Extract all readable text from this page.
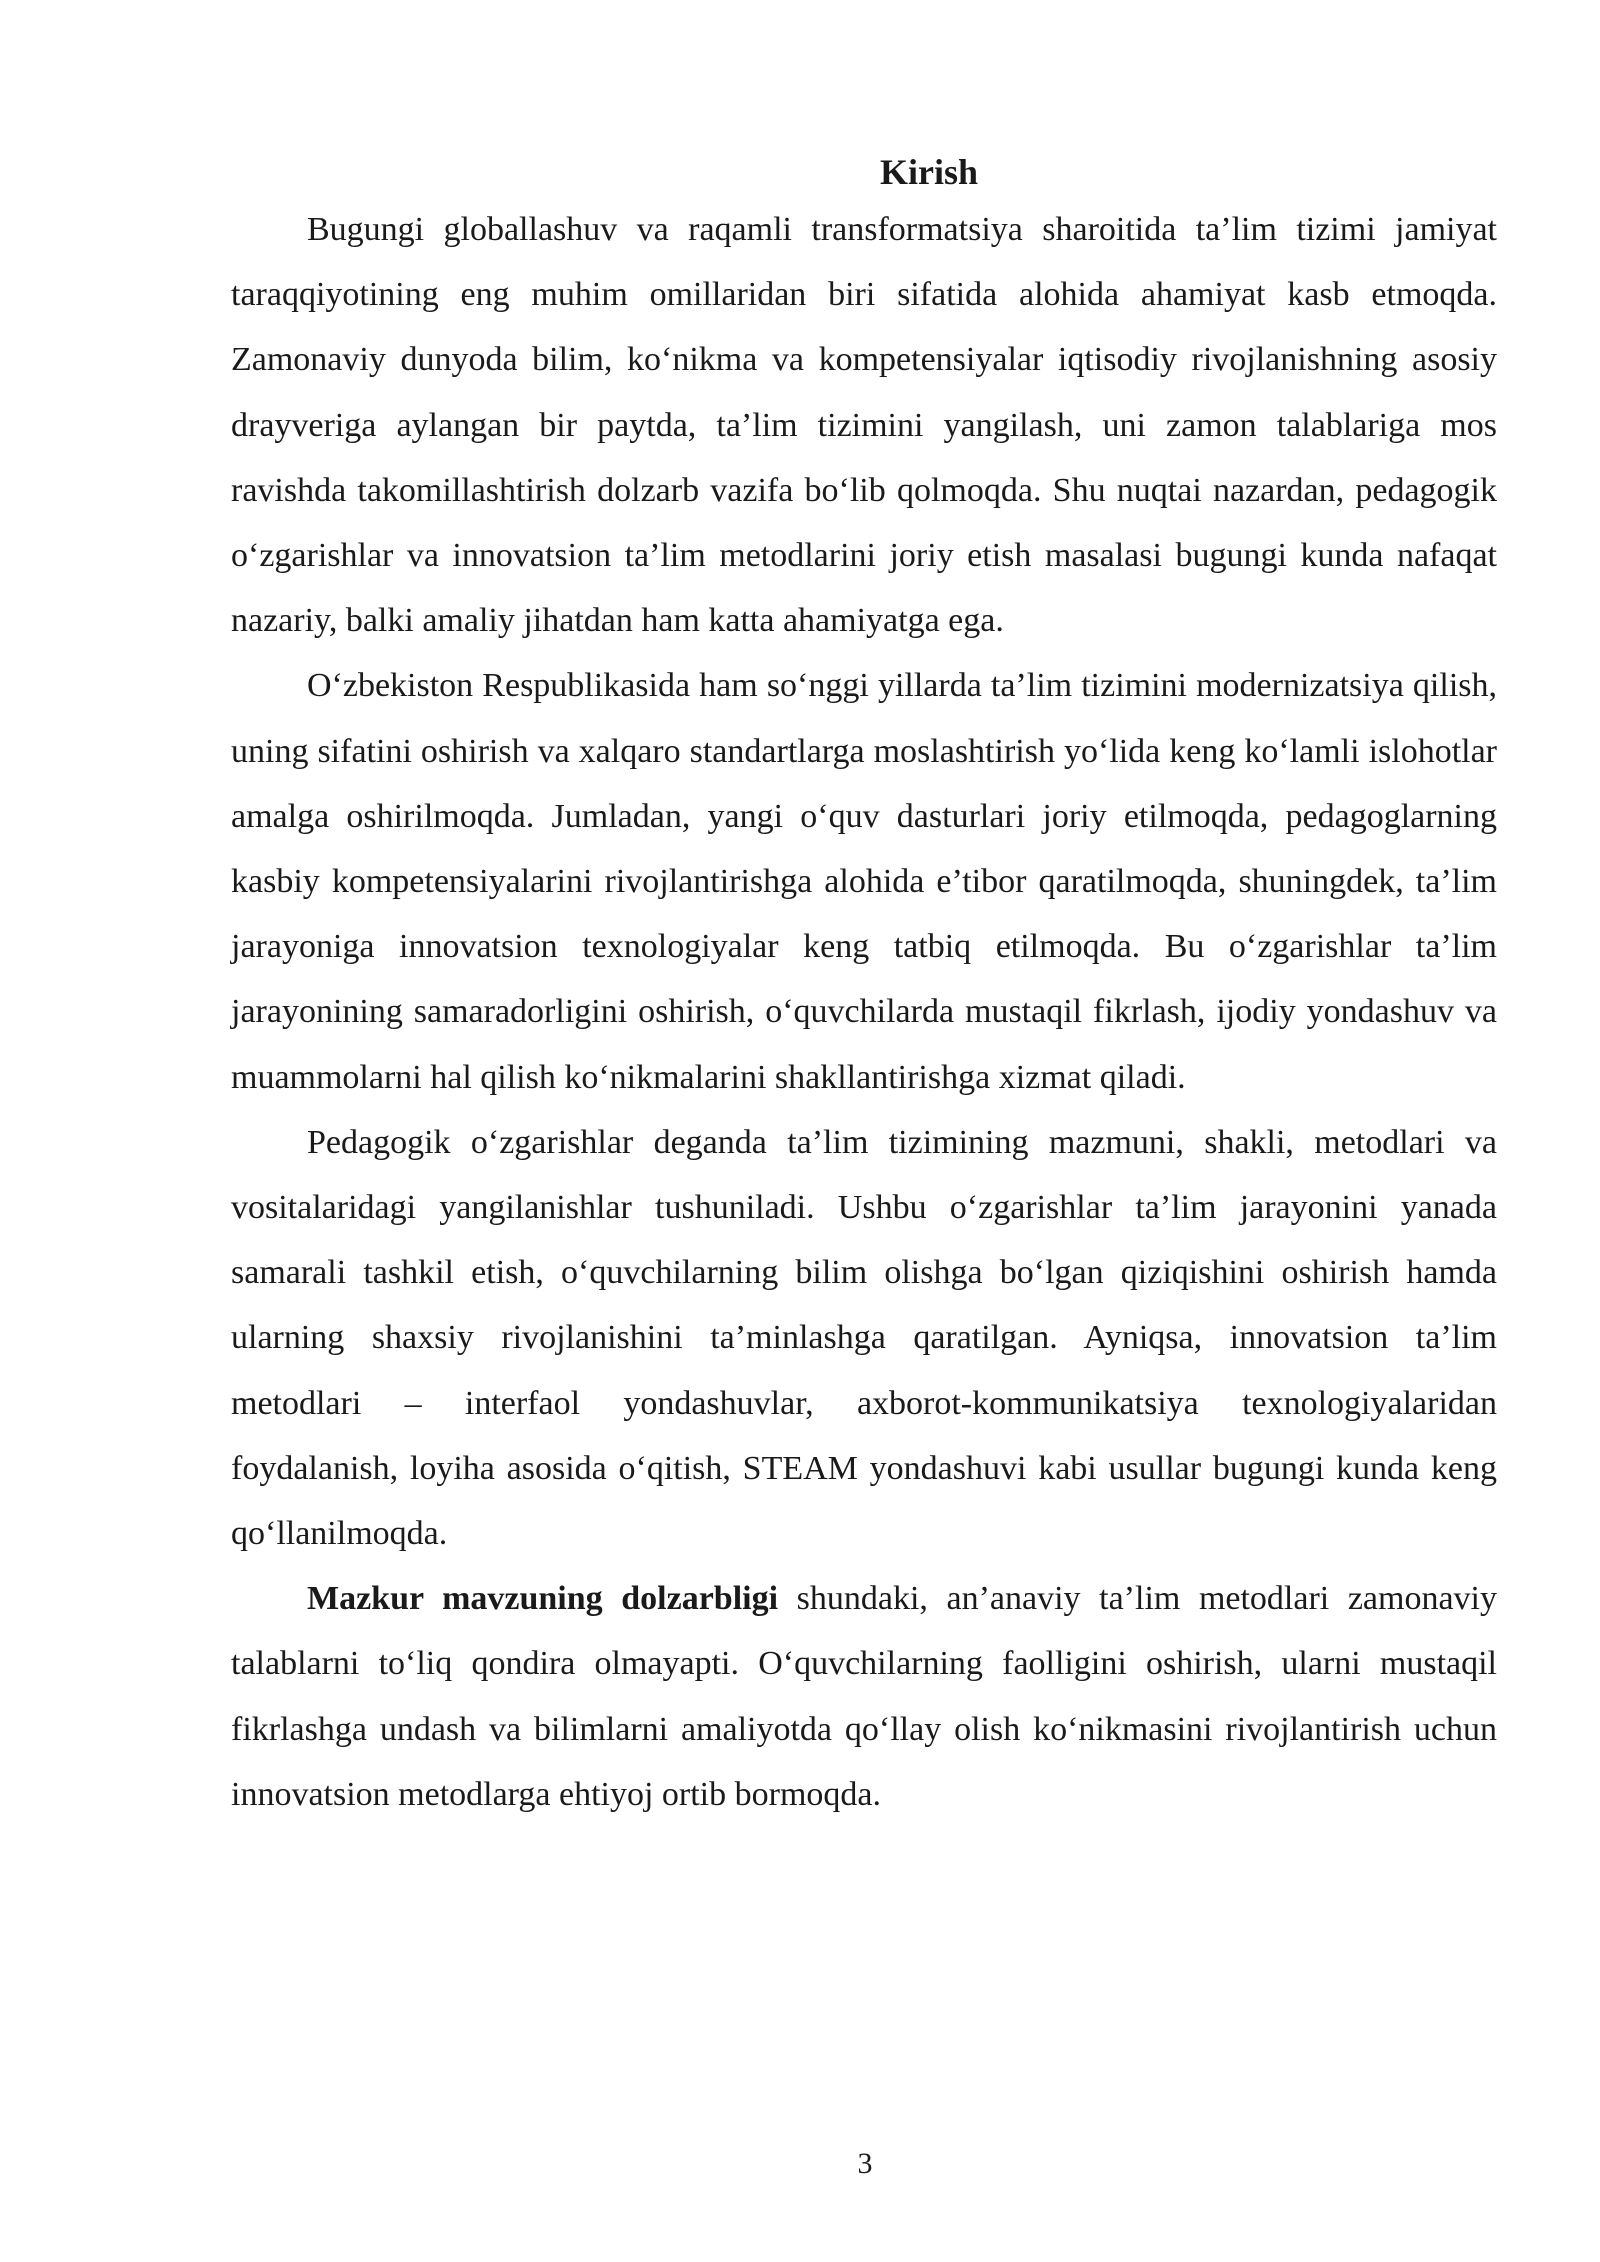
Kirish

Bugungi globallashuv va raqamli transformatsiya sharoitida ta’lim tizimi jamiyat taraqqiyotining eng muhim omillaridan biri sifatida alohida ahamiyat kasb etmoqda. Zamonaviy dunyoda bilim, koʻnikma va kompetensiyalar iqtisodiy rivojlanishning asosiy drayveriga aylangan bir paytda, ta’lim tizimini yangilash, uni zamon talablariga mos ravishda takomillashtirish dolzarb vazifa boʻlib qolmoqda. Shu nuqtai nazardan, pedagogik oʻzgarishlar va innovatsion ta’lim metodlarini joriy etish masalasi bugungi kunda nafaqat nazariy, balki amaliy jihatdan ham katta ahamiyatga ega.

Oʻzbekiston Respublikasida ham soʻnggi yillarda ta’lim tizimini modernizatsiya qilish, uning sifatini oshirish va xalqaro standartlarga moslashtirish yoʻlida keng koʻlamli islohotlar amalga oshirilmoqda. Jumladan, yangi oʻquv dasturlari joriy etilmoqda, pedagoglarning kasbiy kompetensiyalarini rivojlantirishga alohida e’tibor qaratilmoqda, shuningdek, ta’lim jarayoniga innovatsion texnologiyalar keng tatbiq etilmoqda. Bu oʻzgarishlar ta’lim jarayonining samaradorligini oshirish, oʻquvchilarda mustaqil fikrlash, ijodiy yondashuv va muammolarni hal qilish koʻnikmalarini shakllantirishga xizmat qiladi.

Pedagogik oʻzgarishlar deganda ta’lim tizimining mazmuni, shakli, metodlari va vositalaridagi yangilanishlar tushuniladi. Ushbu oʻzgarishlar ta’lim jarayonini yanada samarali tashkil etish, oʻquvchilarning bilim olishga boʻlgan qiziqishini oshirish hamda ularning shaxsiy rivojlanishini ta’minlashga qaratilgan. Ayniqsa, innovatsion ta’lim metodlari – interfaol yondashuvlar, axborot-kommunikatsiya texnologiyalaridan foydalanish, loyiha asosida oʻqitish, STEAM yondashuvi kabi usullar bugungi kunda keng qoʻllanilmoqda.

Mazkur mavzuning dolzarbligi shundaki, an’anaviy ta’lim metodlari zamonaviy talablarni toʻliq qondira olmayapti. Oʻquvchilarning faolligini oshirish, ularni mustaqil fikrlashga undash va bilimlarni amaliyotda qoʻllay olish koʻnikmasini rivojlantirish uchun innovatsion metodlarga ehtiyoj ortib bormoqda.

3
